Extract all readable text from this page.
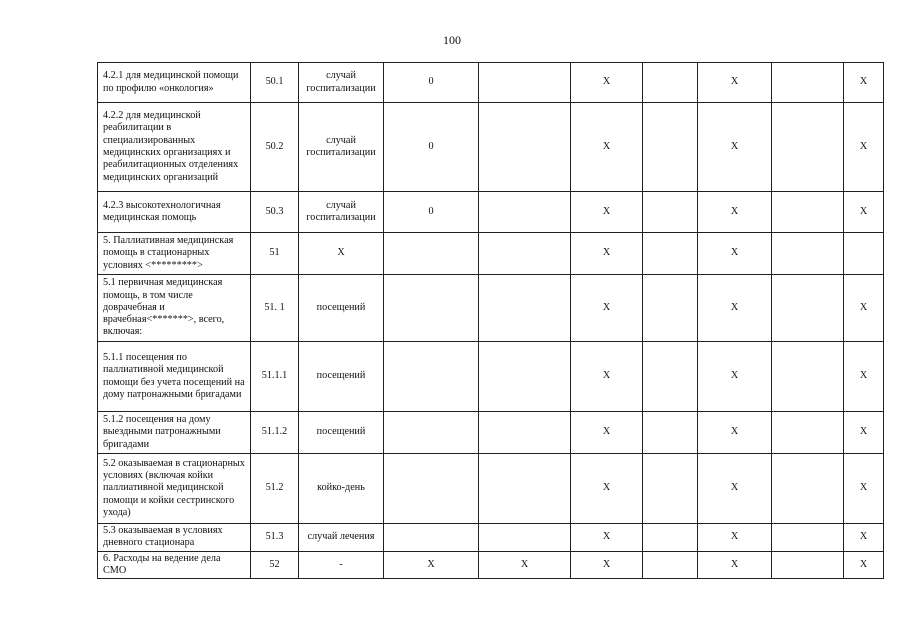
100
4.2.1 для медицинской помощи по профилю «онкология»	50.1	случай госпитализации	0		X		X		X
4.2.2 для медицинской реабилитации в специализированных медицинских организациях и реабилитационных отделениях медицинских организаций	50.2	случай госпитализации	0		X		X		X
4.2.3 высокотехнологичная медицинская помощь	50.3	случай госпитализации	0		X		X		X
5. Паллиативная медицинская помощь в стационарных условиях <*********>	51	X			X		X		
5.1 первичная медицинская помощь, в том числе доврачебная и врачебная<*******>, всего, включая:	51. 1	посещений			X		X		X
5.1.1 посещения по паллиативной медицинской помощи без учета посещений на дому патронажными бригадами	51.1.1	посещений			X		X		X
5.1.2 посещения на дому выездными патронажными бригадами	51.1.2	посещений			X		X		X
5.2 оказываемая в стационарных условиях (включая койки паллиативной медицинской помощи и койки сестринского ухода)	51.2	койко-день			X		X		X
5.3 оказываемая в условиях дневного стационара	51.3	случай лечения			X		X		X
6. Расходы на ведение дела СМО	52	-	X	X	X		X		X
